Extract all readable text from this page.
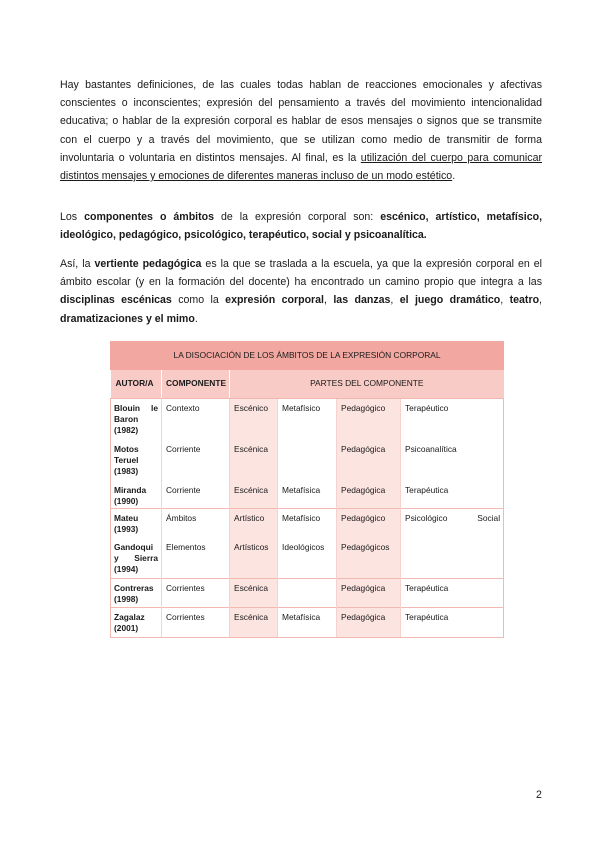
Hay bastantes definiciones, de las cuales todas hablan de reacciones emocionales y afectivas conscientes o inconscientes; expresión del pensamiento a través del movimiento intencionalidad educativa; o hablar de la expresión corporal es hablar de esos mensajes o signos que se transmite con el cuerpo y a través del movimiento, que se utilizan como medio de transmitir de forma involuntaria o voluntaria en distintos mensajes. Al final, es la utilización del cuerpo para comunicar distintos mensajes y emociones de diferentes maneras incluso de un modo estético.

Los componentes o ámbitos de la expresión corporal son: escénico, artístico, metafísico, ideológico, pedagógico, psicológico, terapéutico, social y psicoanalítica.

Así, la vertiente pedagógica es la que se traslada a la escuela, ya que la expresión corporal en el ámbito escolar (y en la formación del docente) ha encontrado un camino propio que integra a las disciplinas escénicas como la expresión corporal, las danzas, el juego dramático, teatro, dramatizaciones y el mimo.

LA DISOCIACIÓN DE LOS ÁMBITOS DE LA EXPRESIÓN CORPORAL					
AUTOR/A	COMPONENTE	PARTES DEL COMPONENTE			
Blouin le Baron (1982)	Contexto	Escénico	Metafísico	Pedagógico	Terapéutico
Motos Teruel (1983)	Corriente	Escénica		Pedagógica	Psicoanalítica
Miranda (1990)	Corriente	Escénica	Metafísica	Pedagógica	Terapéutica
Mateu (1993)	Ámbitos	Artístico	Metafísico	Pedagógico	Psicológico Social

Gandoqui y Sierra (1994)	Elementos	Artísticos	Ideológicos	Pedagógicos	
Contreras (1998)	Corrientes	Escénica		Pedagógica	Terapéutica
Zagalaz (2001)	Corrientes	Escénica	Metafísica	Pedagógica	Terapéutica
2
